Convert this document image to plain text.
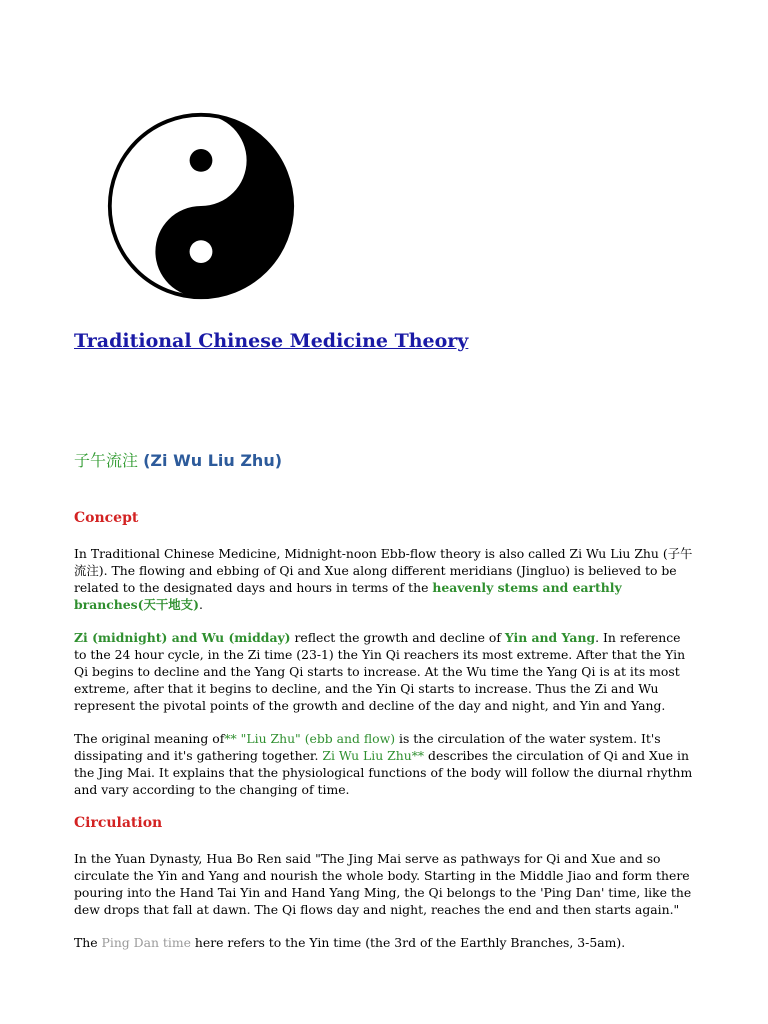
Traditional Chinese Medicine Theory
子午流注 (Zi Wu Liu Zhu)
Concept

In Traditional Chinese Medicine, Midnight-noon Ebb-flow theory is also called Zi Wu Liu Zhu (子午流注). The flowing and ebbing of Qi and Xue along different meridians (Jingluo) is believed to be related to the designated days and hours in terms of the heavenly stems and earthly branches(天干地支).

Zi (midnight) and Wu (midday) reflect the growth and decline of Yin and Yang. In reference to the 24 hour cycle, in the Zi time (23-1) the Yin Qi reachers its most extreme. After that the Yin Qi begins to decline and the Yang Qi starts to increase. At the Wu time the Yang Qi is at its most extreme, after that it begins to decline, and the Yin Qi starts to increase. Thus the Zi and Wu represent the pivotal points of the growth and decline of the day and night, and Yin and Yang.

The original meaning of** "Liu Zhu" (ebb and flow) is the circulation of the water system. It's dissipating and it's gathering together. Zi Wu Liu Zhu** describes the circulation of Qi and Xue in the Jing Mai. It explains that the physiological functions of the body will follow the diurnal rhythm and vary according to the changing of time.

Circulation

In the Yuan Dynasty, Hua Bo Ren said "The Jing Mai serve as pathways for Qi and Xue and so circulate the Yin and Yang and nourish the whole body. Starting in the Middle Jiao and form there pouring into the Hand Tai Yin and Hand Yang Ming, the Qi belongs to the 'Ping Dan' time, like the dew drops that fall at dawn. The Qi flows day and night, reaches the end and then starts again."

The Ping Dan time here refers to the Yin time (the 3rd of the Earthly Branches, 3-5am).
